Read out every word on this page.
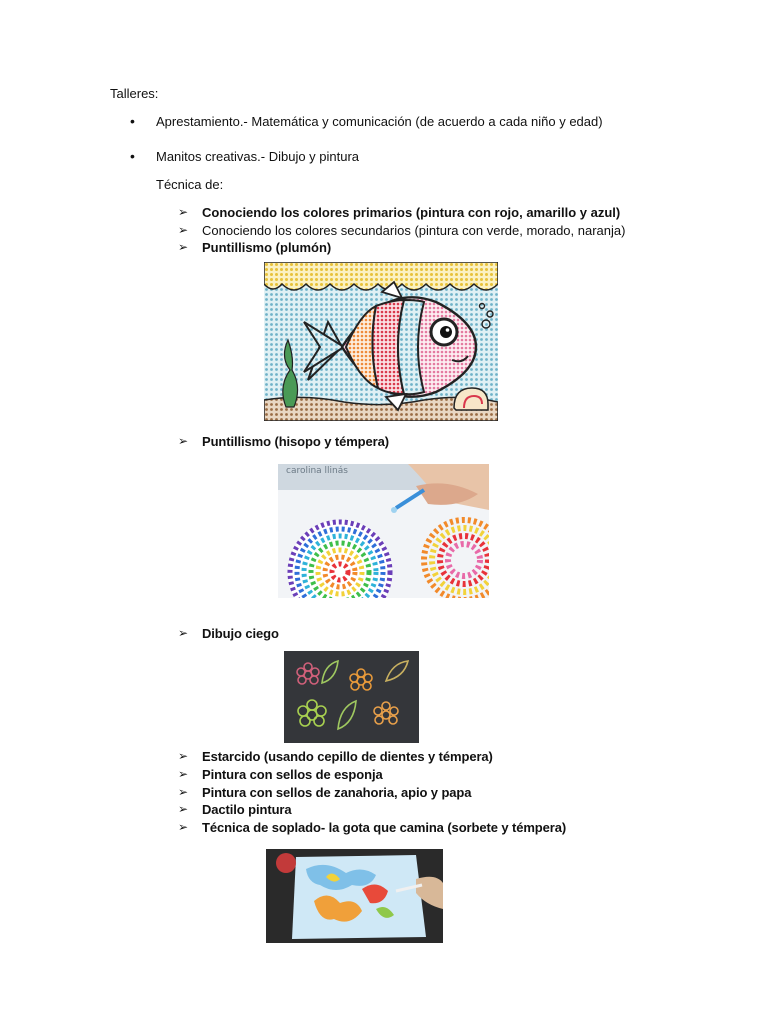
Talleres:
• Aprestamiento.- Matemática y comunicación (de acuerdo a cada niño y edad)
• Manitos creativas.- Dibujo y pintura
Técnica de:
➢ Conociendo los colores primarios (pintura con rojo, amarillo y azul)
➢ Conociendo los colores secundarios (pintura con verde, morado, naranja)
➢ Puntillismo (plumón)
➢ Puntillismo (hisopo y témpera)
carolina llinás
➢ Dibujo ciego
➢ Estarcido (usando cepillo de dientes y témpera)
➢ Pintura con sellos de esponja
➢ Pintura con sellos de zanahoria, apio y papa
➢ Dactilo pintura
➢ Técnica de soplado- la gota que camina (sorbete y témpera)
